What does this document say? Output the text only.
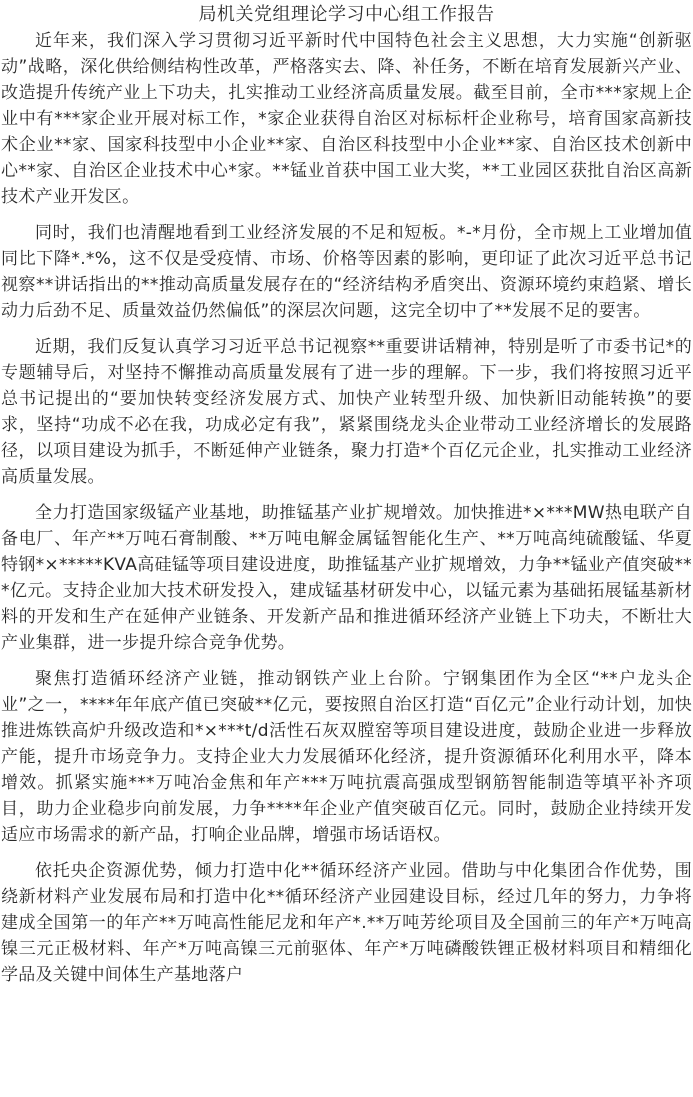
局机关党组理论学习中心组工作报告

近年来，我们深入学习贯彻习近平新时代中国特色社会主义思想，大力实施“创新驱动”战略，深化供给侧结构性改革，严格落实去、降、补任务，不断在培育发展新兴产业、改造提升传统产业上下功夫，扎实推动工业经济高质量发展。截至目前，全市***家规上企业中有***家企业开展对标工作，*家企业获得自治区对标标杆企业称号，培育国家高新技术企业**家、国家科技型中小企业**家、自治区科技型中小企业**家、自治区技术创新中心**家、自治区企业技术中心*家。**锰业首获中国工业大奖，**工业园区获批自治区高新技术产业开发区。

同时，我们也清醒地看到工业经济发展的不足和短板。*-*月份，全市规上工业增加值同比下降*.*%，这不仅是受疫情、市场、价格等因素的影响，更印证了此次习近平总书记视察**讲话指出的**推动高质量发展存在的“经济结构矛盾突出、资源环境约束趋紧、增长动力后劲不足、质量效益仍然偏低”的深层次问题，这完全切中了**发展不足的要害。

近期，我们反复认真学习习近平总书记视察**重要讲话精神，特别是听了市委书记*的专题辅导后，对坚持不懈推动高质量发展有了进一步的理解。下一步，我们将按照习近平总书记提出的“要加快转变经济发展方式、加快产业转型升级、加快新旧动能转换”的要求，坚持“功成不必在我，功成必定有我”，紧紧围绕龙头企业带动工业经济增长的发展路径，以项目建设为抓手，不断延伸产业链条，聚力打造*个百亿元企业，扎实推动工业经济高质量发展。

全力打造国家级锰产业基地，助推锰基产业扩规增效。加快推进*×***MW热电联产自备电厂、年产**万吨石膏制酸、**万吨电解金属锰智能化生产、**万吨高纯硫酸锰、华夏特钢*×*****KVA高硅锰等项目建设进度，助推锰基产业扩规增效，力争**锰业产值突破***亿元。支持企业加大技术研发投入，建成锰基材研发中心，以锰元素为基础拓展锰基新材料的开发和生产在延伸产业链条、开发新产品和推进循环经济产业链上下功夫，不断壮大产业集群，进一步提升综合竞争优势。

聚焦打造循环经济产业链，推动钢铁产业上台阶。宁钢集团作为全区“**户龙头企业”之一，****年年底产值已突破**亿元，要按照自治区打造“百亿元”企业行动计划，加快推进炼铁高炉升级改造和*×***t/d活性石灰双膛窑等项目建设进度，鼓励企业进一步释放产能，提升市场竞争力。支持企业大力发展循环化经济，提升资源循环化利用水平，降本增效。抓紧实施***万吨冶金焦和年产***万吨抗震高强成型钢筋智能制造等填平补齐项目，助力企业稳步向前发展，力争****年企业产值突破百亿元。同时，鼓励企业持续开发适应市场需求的新产品，打响企业品牌，增强市场话语权。

依托央企资源优势，倾力打造中化**循环经济产业园。借助与中化集团合作优势，围绕新材料产业发展布局和打造中化**循环经济产业园建设目标，经过几年的努力，力争将建成全国第一的年产**万吨高性能尼龙和年产*.**万吨芳纶项目及全国前三的年产*万吨高镍三元正极材料、年产*万吨高镍三元前驱体、年产*万吨磷酸铁锂正极材料项目和精细化学品及关键中间体生产基地落户
